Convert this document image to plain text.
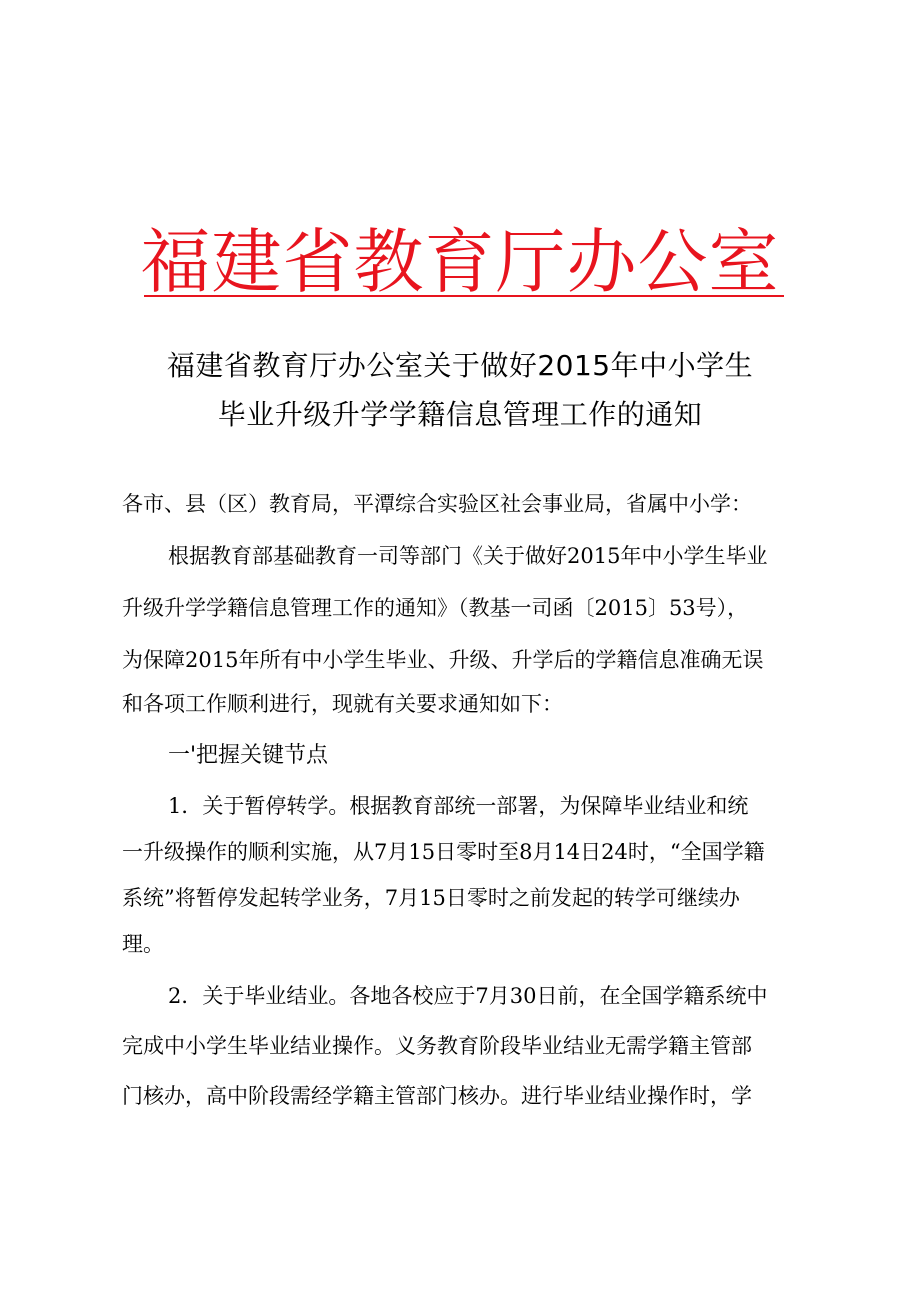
福建省教育厅办公室
福建省教育厅办公室关于做好2015年中小学生
毕业升级升学学籍信息管理工作的通知

各市、县（区）教育局，平潭综合实验区社会事业局，省属中小学：

根据教育部基础教育一司等部门《关于做好2015年中小学生毕业

升级升学学籍信息管理工作的通知》（教基一司函〔2015〕53号），

为保障2015年所有中小学生毕业、升级、升学后的学籍信息准确无误

和各项工作顺利进行，现就有关要求通知如下：

一'把握关键节点

1．关于暂停转学。根据教育部统一部署，为保障毕业结业和统

一升级操作的顺利实施，从7月15日零时至8月14日24时，“全国学籍

系统”将暂停发起转学业务，7月15日零时之前发起的转学可继续办

理。

2．关于毕业结业。各地各校应于7月30日前，在全国学籍系统中

完成中小学生毕业结业操作。义务教育阶段毕业结业无需学籍主管部

门核办，高中阶段需经学籍主管部门核办。进行毕业结业操作时，学
